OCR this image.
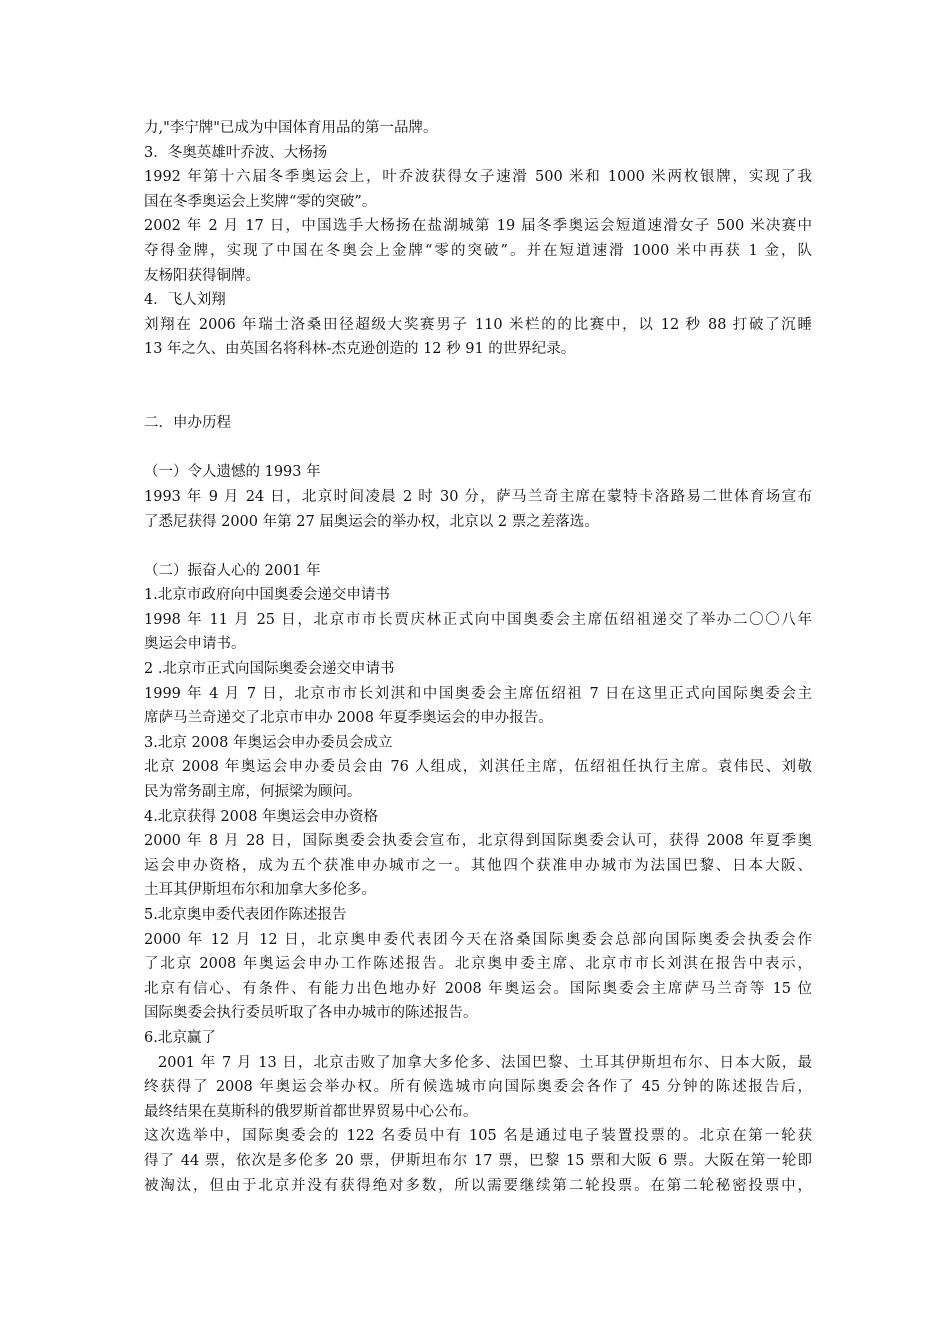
力,"李宁牌"已成为中国体育用品的第一品牌。
3．冬奥英雄叶乔波、大杨扬
1992 年第十六届冬季奥运会上，叶乔波获得女子速滑 500 米和 1000 米两枚银牌，实现了我
国在冬季奥运会上奖牌“零的突破”。
2002 年 2 月 17 日，中国选手大杨扬在盐湖城第 19 届冬季奥运会短道速滑女子 500 米决赛中
夺得金牌，实现了中国在冬奥会上金牌“零的突破”。并在短道速滑 1000 米中再获 1 金，队
友杨阳获得铜牌。
4．飞人刘翔
刘翔在 2006 年瑞士洛桑田径超级大奖赛男子 110 米栏的的比赛中，以 12 秒 88 打破了沉睡
13 年之久、由英国名将科林-杰克逊创造的 12 秒 91 的世界纪录。
二．申办历程
（一）令人遗憾的 1993 年
1993 年 9 月 24 日，北京时间凌晨 2 时 30 分，萨马兰奇主席在蒙特卡洛路易二世体育场宣布
了悉尼获得 2000 年第 27 届奥运会的举办权，北京以 2 票之差落选。
（二）振奋人心的 2001 年
1.北京市政府向中国奥委会递交申请书
1998 年 11 月 25 日，北京市市长贾庆林正式向中国奥委会主席伍绍祖递交了举办二〇〇八年
奥运会申请书。
2 .北京市正式向国际奥委会递交申请书
1999 年 4 月 7 日，北京市市长刘淇和中国奥委会主席伍绍祖 7 日在这里正式向国际奥委会主
席萨马兰奇递交了北京市申办 2008 年夏季奥运会的申办报告。
3.北京 2008 年奥运会申办委员会成立
北京 2008 年奥运会申办委员会由 76 人组成，刘淇任主席，伍绍祖任执行主席。袁伟民、刘敬
民为常务副主席，何振梁为顾问。
4.北京获得 2008 年奥运会申办资格
2000 年 8 月 28 日，国际奥委会执委会宣布，北京得到国际奥委会认可，获得 2008 年夏季奥
运会申办资格，成为五个获准申办城市之一。其他四个获准申办城市为法国巴黎、日本大阪、
土耳其伊斯坦布尔和加拿大多伦多。
5.北京奥申委代表团作陈述报告
2000 年 12 月 12 日，北京奥申委代表团今天在洛桑国际奥委会总部向国际奥委会执委会作
了北京 2008 年奥运会申办工作陈述报告。北京奥申委主席、北京市市长刘淇在报告中表示，
北京有信心、有条件、有能力出色地办好 2008 年奥运会。国际奥委会主席萨马兰奇等 15 位
国际奥委会执行委员听取了各申办城市的陈述报告。
6.北京赢了
2001 年 7 月 13 日，北京击败了加拿大多伦多、法国巴黎、土耳其伊斯坦布尔、日本大阪，最
终获得了 2008 年奥运会举办权。所有候选城市向国际奥委会各作了 45 分钟的陈述报告后，
最终结果在莫斯科的俄罗斯首都世界贸易中心公布。
这次选举中，国际奥委会的 122 名委员中有 105 名是通过电子装置投票的。北京在第一轮获
得了 44 票，依次是多伦多 20 票，伊斯坦布尔 17 票，巴黎 15 票和大阪 6 票。大阪在第一轮即
被淘汰，但由于北京并没有获得绝对多数，所以需要继续第二轮投票。在第二轮秘密投票中，
